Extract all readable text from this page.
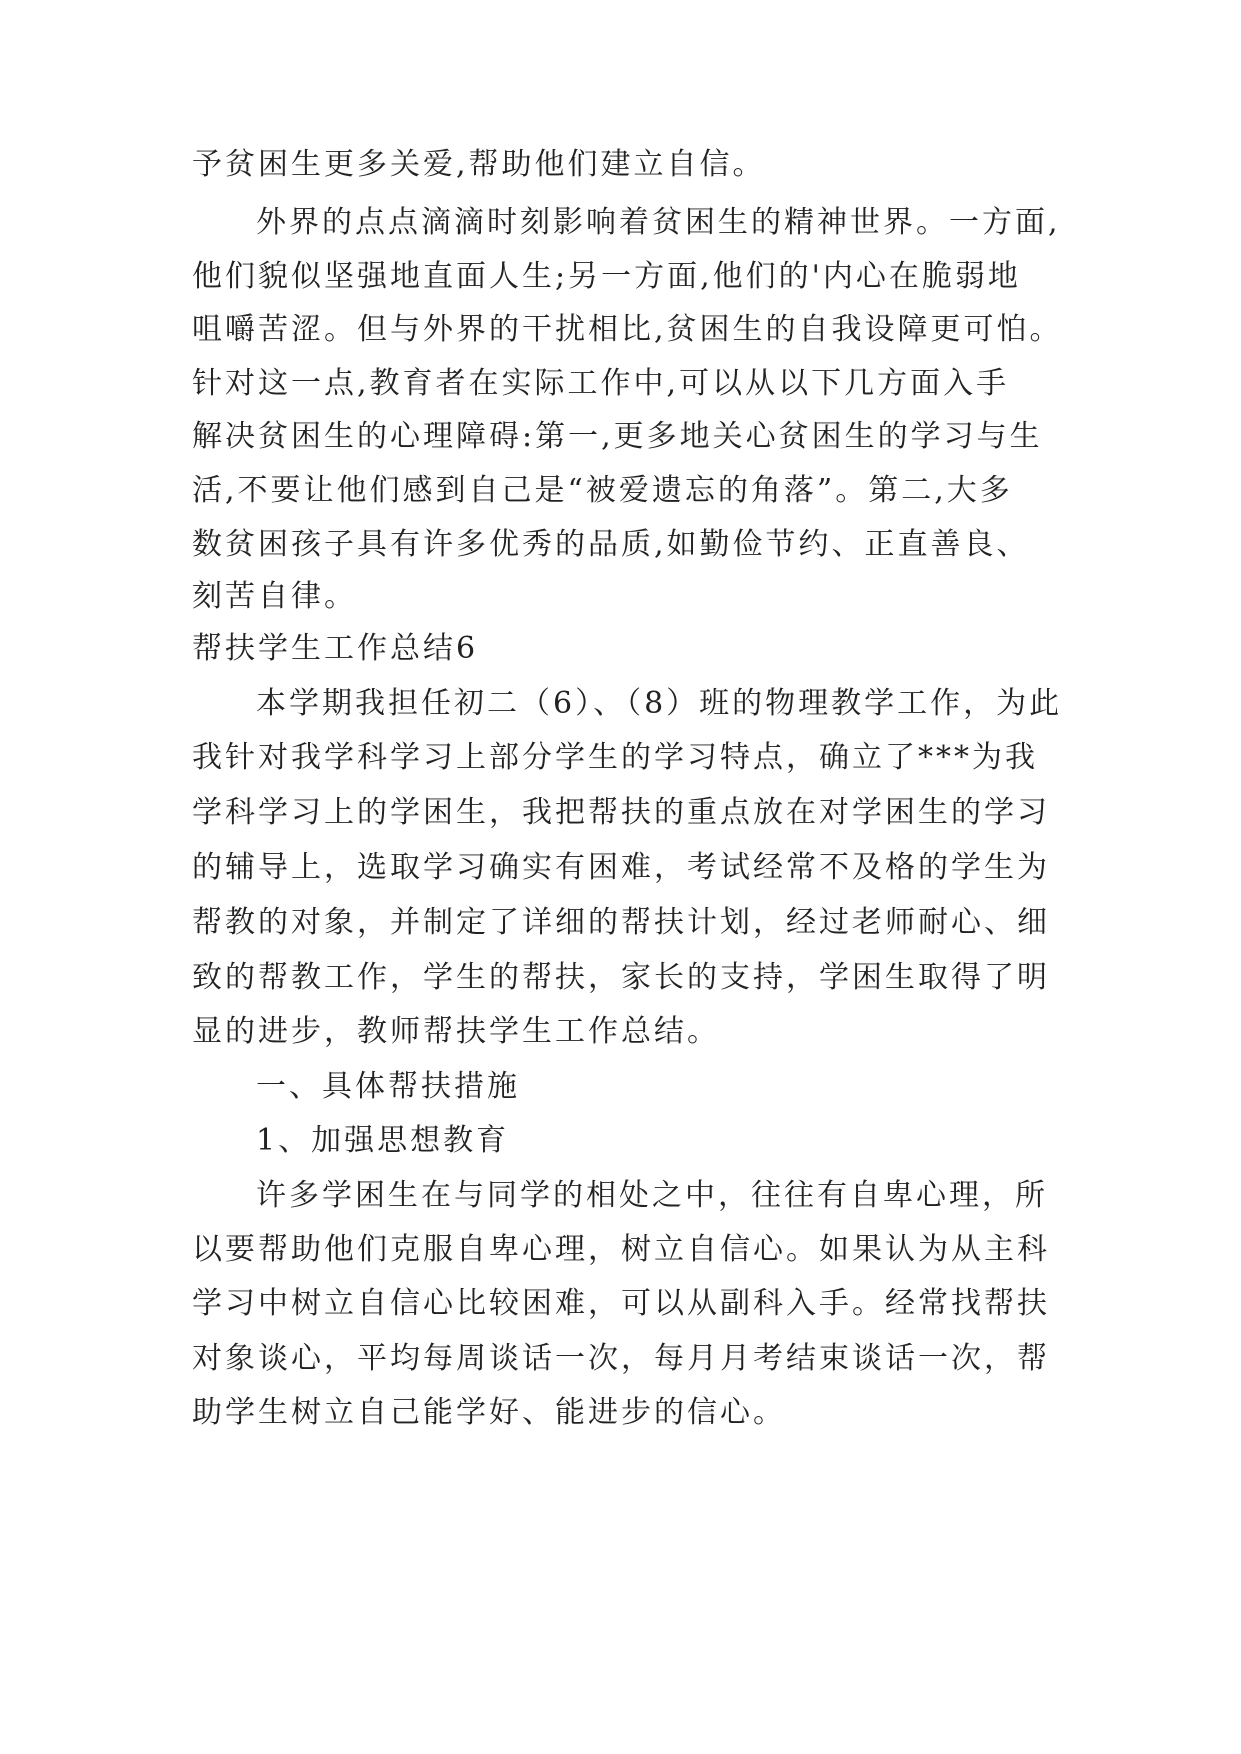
予贫困生更多关爱,帮助他们建立自信。
外界的点点滴滴时刻影响着贫困生的精神世界。一方面,
他们貌似坚强地直面人生;另一方面,他们的'内心在脆弱地
咀嚼苦涩。但与外界的干扰相比,贫困生的自我设障更可怕。
针对这一点,教育者在实际工作中,可以从以下几方面入手
解决贫困生的心理障碍:第一,更多地关心贫困生的学习与生
活,不要让他们感到自己是“被爱遗忘的角落”。第二,大多
数贫困孩子具有许多优秀的品质,如勤俭节约、正直善良、
刻苦自律。
帮扶学生工作总结6
本学期我担任初二（6）、（8）班的物理教学工作，为此
我针对我学科学习上部分学生的学习特点，确立了***为我
学科学习上的学困生，我把帮扶的重点放在对学困生的学习
的辅导上，选取学习确实有困难，考试经常不及格的学生为
帮教的对象，并制定了详细的帮扶计划，经过老师耐心、细
致的帮教工作，学生的帮扶，家长的支持，学困生取得了明
显的进步，教师帮扶学生工作总结。
一、具体帮扶措施
1、加强思想教育
许多学困生在与同学的相处之中，往往有自卑心理，所
以要帮助他们克服自卑心理，树立自信心。如果认为从主科
学习中树立自信心比较困难，可以从副科入手。经常找帮扶
对象谈心，平均每周谈话一次，每月月考结束谈话一次，帮
助学生树立自己能学好、能进步的信心。
